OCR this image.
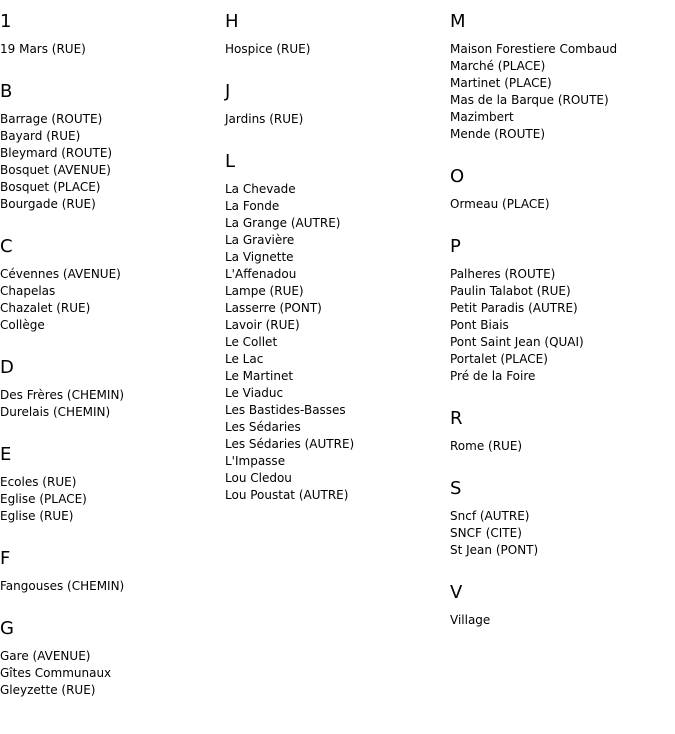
1
19 Mars (RUE)
B
Barrage (ROUTE)
Bayard (RUE)
Bleymard (ROUTE)
Bosquet (AVENUE)
Bosquet (PLACE)
Bourgade (RUE)
C
Cévennes (AVENUE)
Chapelas
Chazalet (RUE)
Collège
D
Des Frères (CHEMIN)
Durelais (CHEMIN)
E
Ecoles (RUE)
Eglise (PLACE)
Eglise (RUE)
F
Fangouses (CHEMIN)
G
Gare (AVENUE)
Gîtes Communaux
Gleyzette (RUE)
H
Hospice (RUE)
J
Jardins (RUE)
L
La Chevade
La Fonde
La Grange (AUTRE)
La Gravière
La Vignette
L'Affenadou
Lampe (RUE)
Lasserre (PONT)
Lavoir (RUE)
Le Collet
Le Lac
Le Martinet
Le Viaduc
Les Bastides-Basses
Les Sédaries
Les Sédaries (AUTRE)
L'Impasse
Lou Cledou
Lou Poustat (AUTRE)
M
Maison Forestiere Combaud
Marché (PLACE)
Martinet (PLACE)
Mas de la Barque (ROUTE)
Mazimbert
Mende (ROUTE)
O
Ormeau (PLACE)
P
Palheres (ROUTE)
Paulin Talabot (RUE)
Petit Paradis (AUTRE)
Pont Biais
Pont Saint Jean (QUAI)
Portalet (PLACE)
Pré de la Foire
R
Rome (RUE)
S
Sncf (AUTRE)
SNCF (CITE)
St Jean (PONT)
V
Village
